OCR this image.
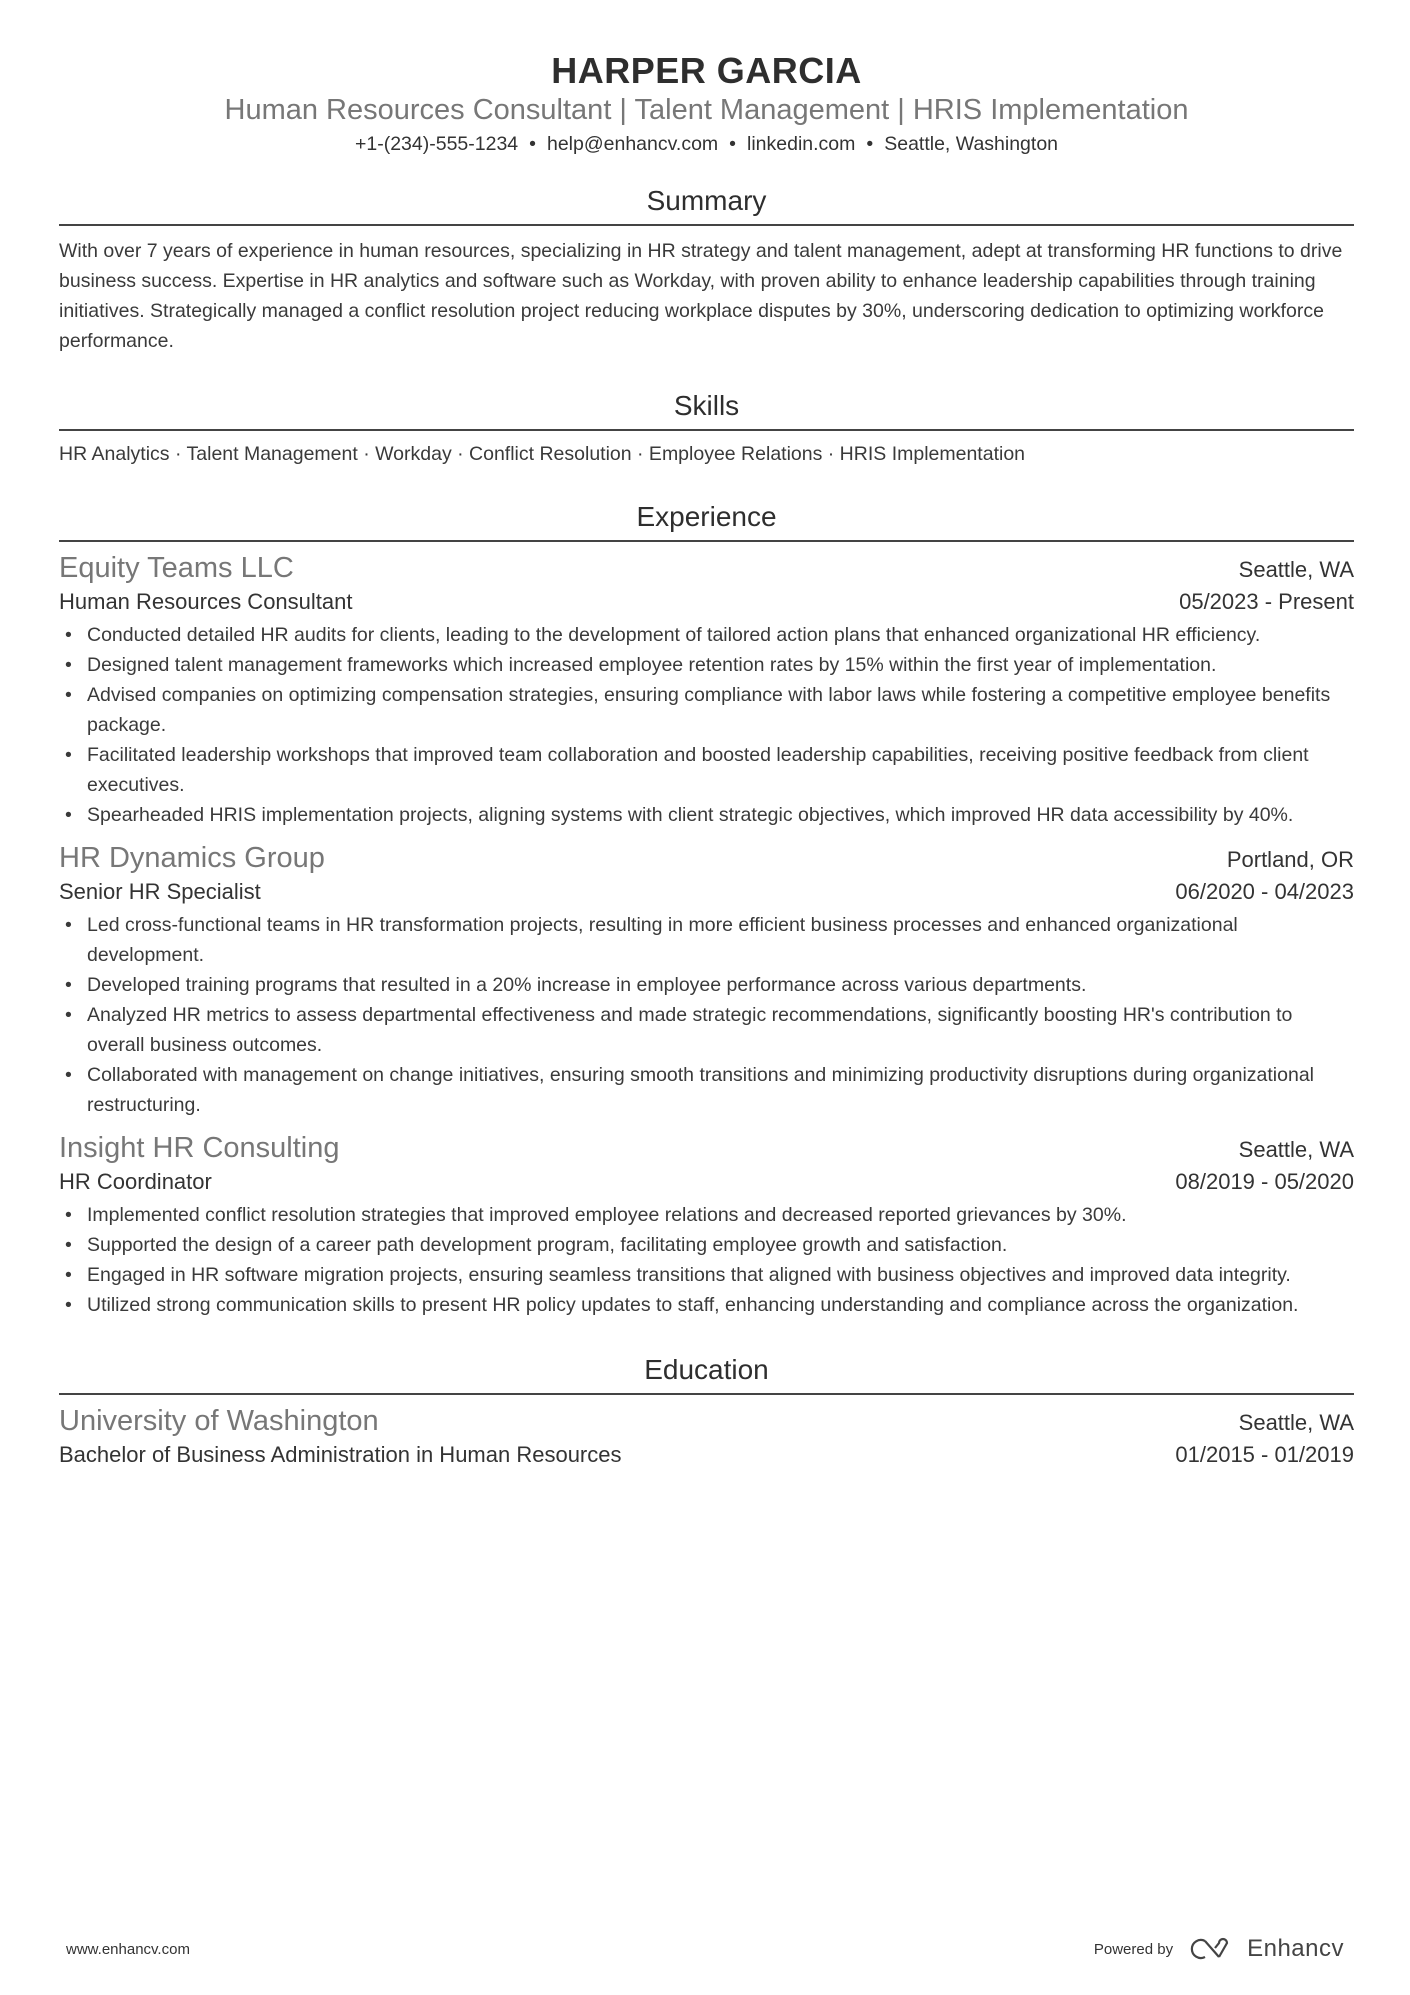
HARPER GARCIA
Human Resources Consultant | Talent Management | HRIS Implementation
+1-(234)-555-1234 • help@enhancv.com • linkedin.com • Seattle, Washington
Summary

With over 7 years of experience in human resources, specializing in HR strategy and talent management, adept at transforming HR functions to drive business success. Expertise in HR analytics and software such as Workday, with proven ability to enhance leadership capabilities through training initiatives. Strategically managed a conflict resolution project reducing workplace disputes by 30%, underscoring dedication to optimizing workforce performance.

Skills

HR Analytics · Talent Management · Workday · Conflict Resolution · Employee Relations · HRIS Implementation

Experience
Equity Teams LLC	Seattle, WA
Human Resources Consultant	05/2023 - Present
• Conducted detailed HR audits for clients, leading to the development of tailored action plans that enhanced organizational HR efficiency.
• Designed talent management frameworks which increased employee retention rates by 15% within the first year of implementation.
• Advised companies on optimizing compensation strategies, ensuring compliance with labor laws while fostering a competitive employee benefits package.
• Facilitated leadership workshops that improved team collaboration and boosted leadership capabilities, receiving positive feedback from client executives.
• Spearheaded HRIS implementation projects, aligning systems with client strategic objectives, which improved HR data accessibility by 40%.
HR Dynamics Group	Portland, OR
Senior HR Specialist	06/2020 - 04/2023
• Led cross-functional teams in HR transformation projects, resulting in more efficient business processes and enhanced organizational development.
• Developed training programs that resulted in a 20% increase in employee performance across various departments.
• Analyzed HR metrics to assess departmental effectiveness and made strategic recommendations, significantly boosting HR's contribution to overall business outcomes.
• Collaborated with management on change initiatives, ensuring smooth transitions and minimizing productivity disruptions during organizational restructuring.
Insight HR Consulting	Seattle, WA
HR Coordinator	08/2019 - 05/2020
• Implemented conflict resolution strategies that improved employee relations and decreased reported grievances by 30%.
• Supported the design of a career path development program, facilitating employee growth and satisfaction.
• Engaged in HR software migration projects, ensuring seamless transitions that aligned with business objectives and improved data integrity.
• Utilized strong communication skills to present HR policy updates to staff, enhancing understanding and compliance across the organization.
Education
University of Washington	Seattle, WA
Bachelor of Business Administration in Human Resources	01/2015 - 01/2019
www.enhancv.com	Powered by	Enhancv
